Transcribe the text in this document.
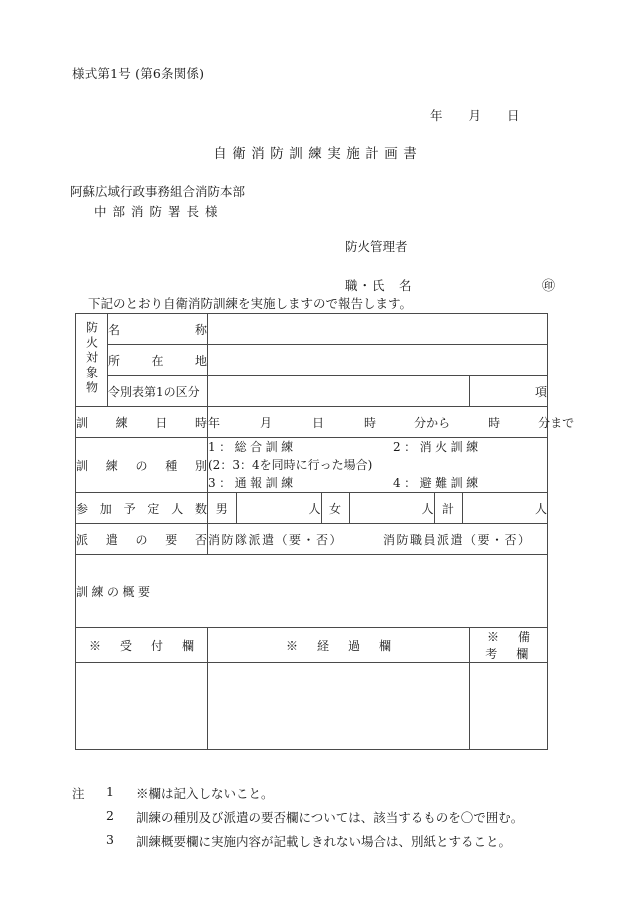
様式第1号 (第6条関係)
年 月 日
自衛消防訓練実施計画書
阿蘇広域行政事務組合消防本部
中部消防署長様
防火管理者
職・氏　名	㊞
下記のとおり自衛消防訓練を実施しますので報告します。
防火対象物	名称	
所在地	
令別表第1の区分		項
訓練日時	年	月	日	時	分から	時	分まで
訓練の種別	
1：総合訓練	2：消火訓練
(2：3：4を同時に行った場合)
3：通報訓練	4：避難訓練

参加予定人数	男	人	女	人	計	人

派遣の要否	消防隊派遣（要・否）	消防職員派遣（要・否）
訓練の概要
※　受　付　欄	※　経　過　欄	※　備　考　欄

注	1	※欄は記入しないこと。
2	訓練の種別及び派遣の要否欄については、該当するものを〇で囲む。
3	訓練概要欄に実施内容が記載しきれない場合は、別紙とすること。
